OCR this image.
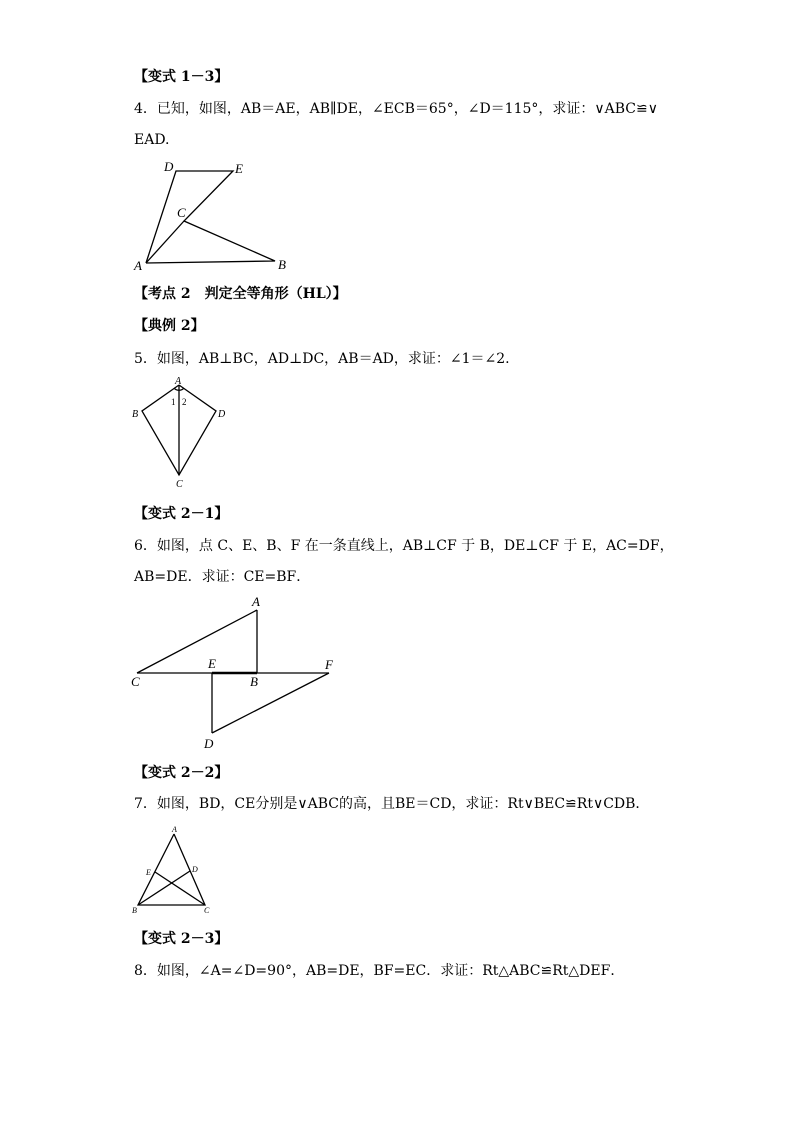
【变式 1－3】
4．已知，如图，AB＝AE，AB∥DE，∠ECB＝65°，∠D＝115°，求证：∨ABC≌∨
EAD.
D	E
C
A	B
【考点 2　判定全等角形（HL）】
【典例 2】
5．如图，AB⊥BC，AD⊥DC，AB＝AD，求证：∠1＝∠2.
A
B	D
C
1 2
【变式 2－1】
6．如图，点 C、E、B、F 在一条直线上，AB⊥CF 于 B，DE⊥CF 于 E，AC=DF，
AB=DE．求证：CE=BF．
A
E	F
C	B
D
【变式 2－2】
7．如图，BD，CE分别是∨ABC的高，且BE＝CD，求证：Rt∨BEC≌Rt∨CDB．
A
E	D
B	C
【变式 2－3】
8．如图，∠A=∠D=90°，AB=DE，BF=EC．求证：Rt△ABC≌Rt△DEF．
